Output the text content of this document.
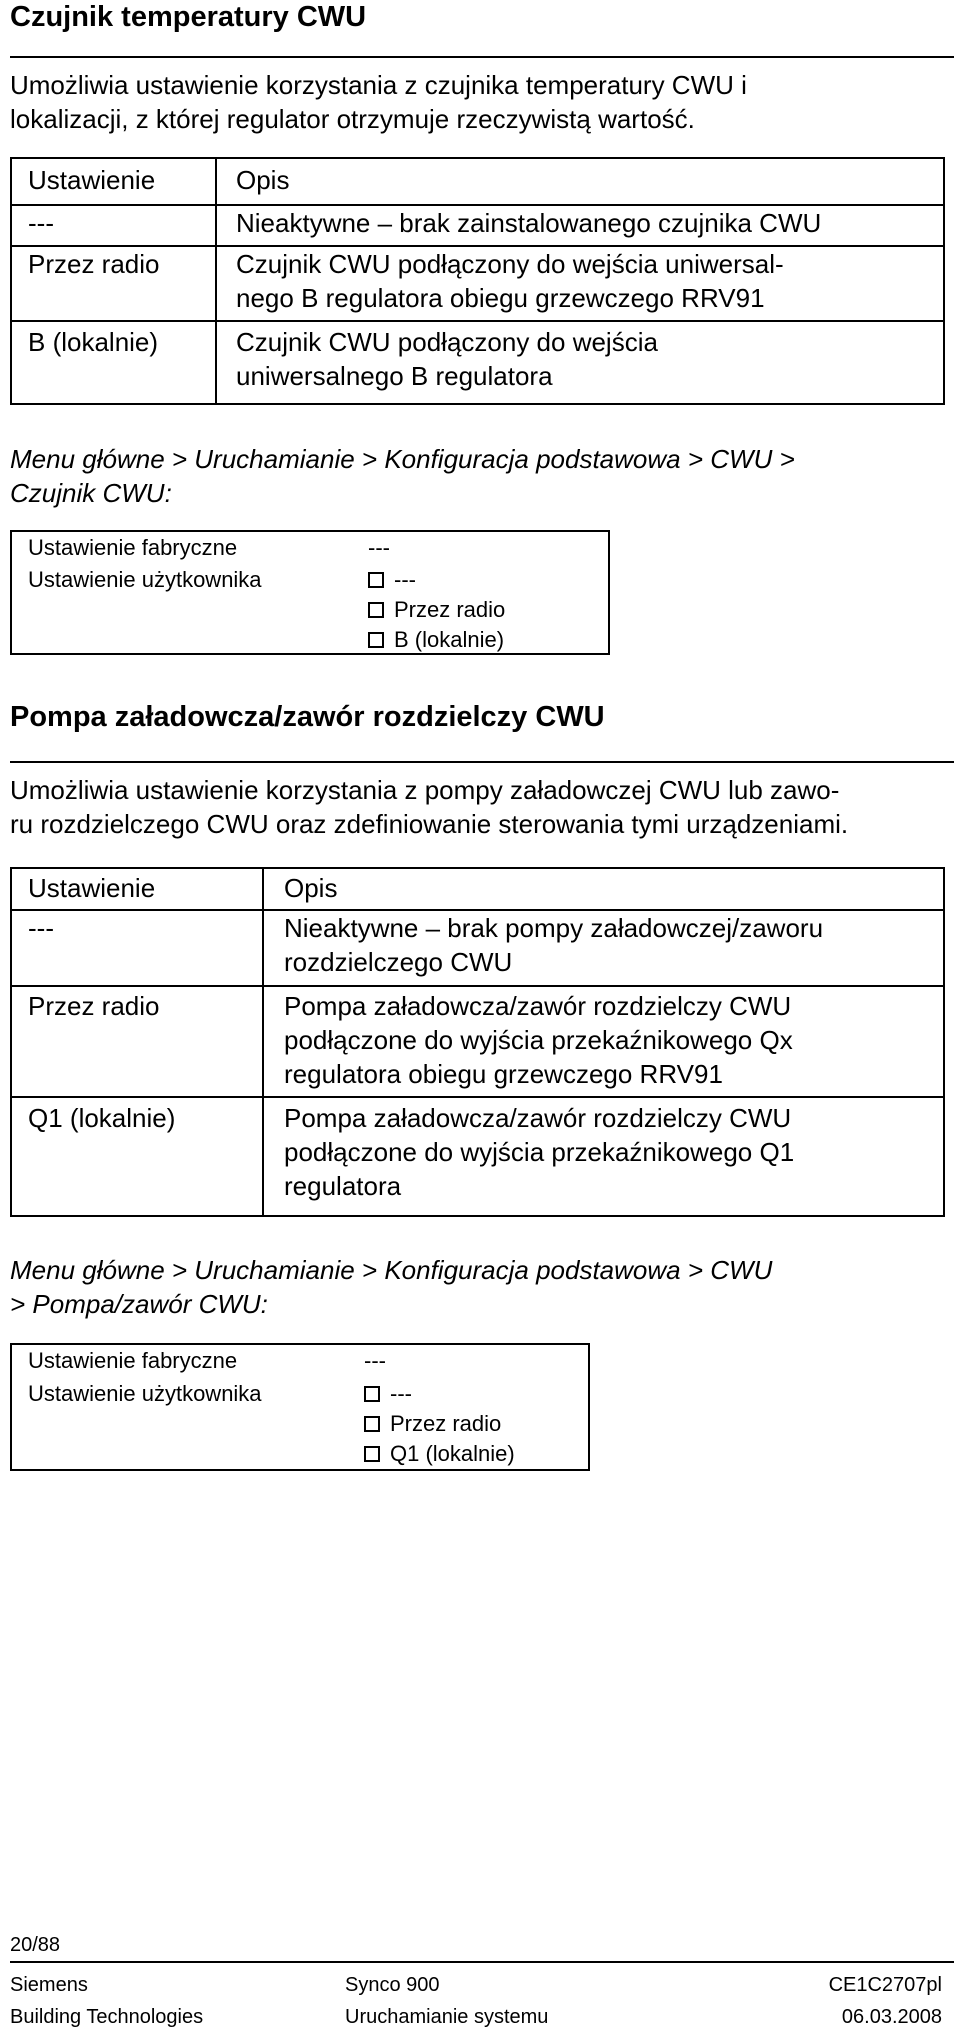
Czujnik temperatury CWU
Umożliwia ustawienie korzystania z czujnika temperatury CWU i
lokalizacji, z której regulator otrzymuje rzeczywistą wartość.
Ustawienie	Opis
---	Nieaktywne – brak zainstalowanego czujnika CWU
Przez radio	Czujnik CWU podłączony do wejścia uniwersal-
nego B regulatora obiegu grzewczego RRV91
B (lokalnie)	Czujnik CWU podłączony do wejścia
uniwersalnego B regulatora
Menu główne > Uruchamianie > Konfiguracja podstawowa > CWU >
Czujnik CWU:
Ustawienie fabryczne	---
Ustawienie użytkownika	---
Przez radio
B (lokalnie)
Pompa załadowcza/zawór rozdzielczy CWU
Umożliwia ustawienie korzystania z pompy załadowczej CWU lub zawo-
ru rozdzielczego CWU oraz zdefiniowanie sterowania tymi urządzeniami.
Ustawienie	Opis
---	Nieaktywne – brak pompy załadowczej/zaworu
rozdzielczego CWU
Przez radio	Pompa załadowcza/zawór rozdzielczy CWU
podłączone do wyjścia przekaźnikowego Qx
regulatora obiegu grzewczego RRV91
Q1 (lokalnie)	Pompa załadowcza/zawór rozdzielczy CWU
podłączone do wyjścia przekaźnikowego Q1
regulatora
Menu główne > Uruchamianie > Konfiguracja podstawowa > CWU
> Pompa/zawór CWU:
Ustawienie fabryczne	---
Ustawienie użytkownika	---
Przez radio
Q1 (lokalnie)
20/88
Siemens
Building Technologies
Synco 900
Uruchamianie systemu
CE1C2707pl
06.03.2008
